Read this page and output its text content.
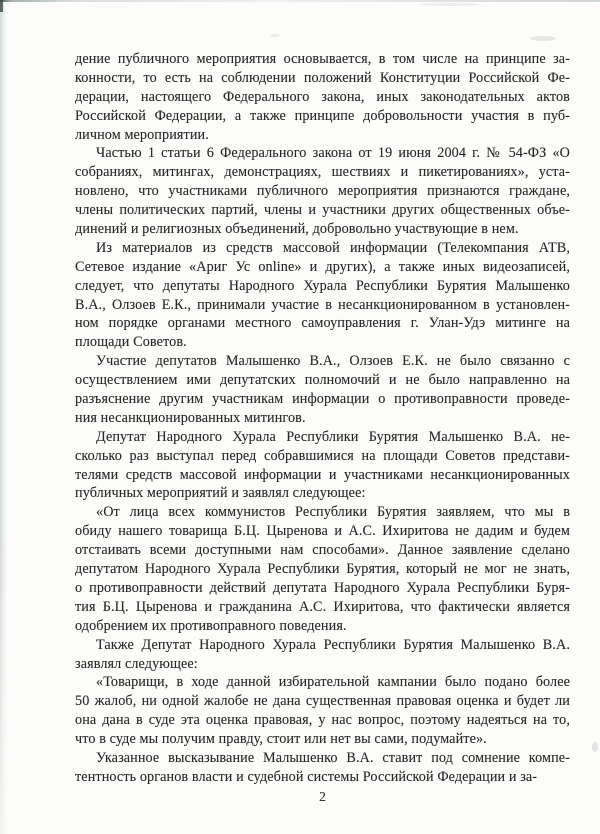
дение публичного мероприятия основывается, в том числе на принципе за-
конности, то есть на соблюдении положений Конституции Российской Фе-
дерации, настоящего Федерального закона, иных законодательных актов
Российской Федерации, а также принципе добровольности участия в пуб-
личном мероприятии.
Частью 1 статьи 6 Федерального закона от 19 июня 2004 г. № 54-ФЗ «О
собраниях, митингах, демонстрациях, шествиях и пикетированиях», уста-
новлено, что участниками публичного мероприятия признаются граждане,
члены политических партий, члены и участники других общественных объе-
динений и религиозных объединений, добровольно участвующие в нем.
Из материалов из средств массовой информации (Телекомпания АТВ,
Сетевое издание «Ариг Ус online» и других), а также иных видеозаписей,
следует, что депутаты Народного Хурала Республики Бурятия Малышенко
В.А., Олзоев Е.К., принимали участие в несанкционированном в установлен-
ном порядке органами местного самоуправления г. Улан-Удэ митинге на
площади Советов.
Участие депутатов Малышенко В.А., Олзоев Е.К. не было связанно с
осуществлением ими депутатских полномочий и не было направленно на
разъяснение другим участникам информации о противоправности проведе-
ния несанкционированных митингов.
Депутат Народного Хурала Республики Бурятия Малышенко В.А. не-
сколько раз выступал перед собравшимися на площади Советов представи-
телями средств массовой информации и участниками несанкционированных
публичных мероприятий и заявлял следующее:
«От лица всех коммунистов Республики Бурятия заявляем, что мы в
обиду нашего товарища Б.Ц. Цыренова и А.С. Ихиритова не дадим и будем
отстаивать всеми доступными нам способами». Данное заявление сделано
депутатом Народного Хурала Республики Бурятия, который не мог не знать,
о противоправности действий депутата Народного Хурала Республики Буря-
тия Б.Ц. Цыренова и гражданина А.С. Ихиритова, что фактически является
одобрением их противоправного поведения.
Также Депутат Народного Хурала Республики Бурятия Малышенко В.А.
заявлял следующее:
«Товарищи, в ходе данной избирательной кампании было подано более
50 жалоб, ни одной жалобе не дана существенная правовая оценка и будет ли
она дана в суде эта оценка правовая, у нас вопрос, поэтому надеяться на то,
что в суде мы получим правду, стоит или нет вы сами, подумайте».
Указанное высказывание Малышенко В.А. ставит под сомнение компе-
тентность органов власти и судебной системы Российской Федерации и за-
2
